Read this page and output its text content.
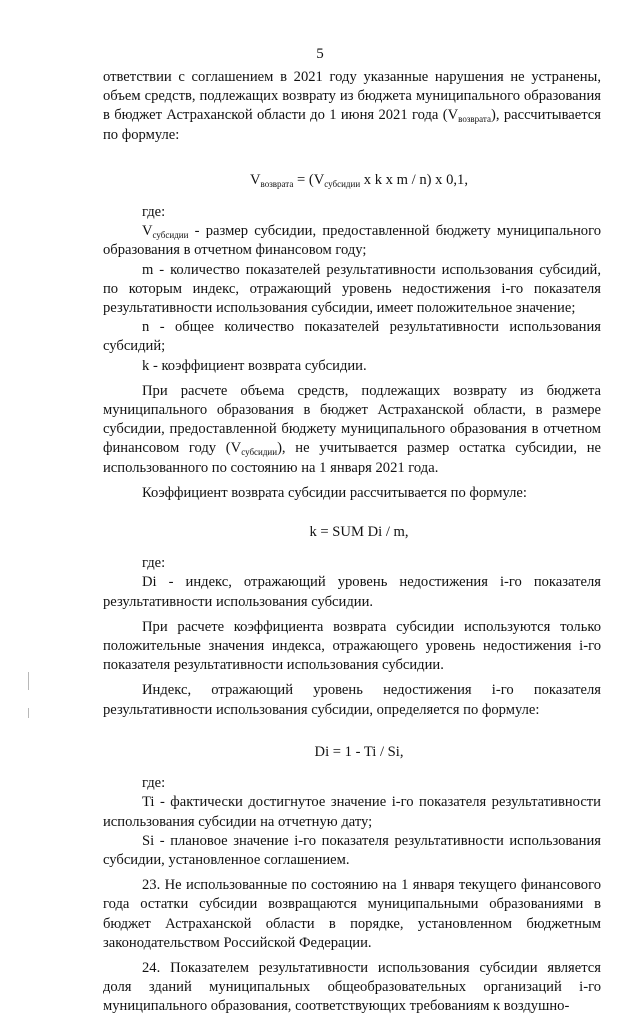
5

ответствии с соглашением в 2021 году указанные нарушения не устранены, объем средств, подлежащих возврату из бюджета муниципального образования в бюджет Астраханской области до 1 июня 2021 года $(V_{возврата})$, рассчитывается по формуле:

$V_{возврата} = (V_{субсидии}$ x k x m / n) x 0,1,

где:

$V_{субсидии}$ - размер субсидии, предоставленной бюджету муниципального образования в отчетном финансовом году;

m - количество показателей результативности использования субсидий, по которым индекс, отражающий уровень недостижения i-го показателя результативности использования субсидии, имеет положительное значение;

n - общее количество показателей результативности использования субсидий;

k - коэффициент возврата субсидии.

При расчете объема средств, подлежащих возврату из бюджета муниципального образования в бюджет Астраханской области, в размере субсидии, предоставленной бюджету муниципального образования в отчетном финансовом году $(V_{субсидии})$, не учитывается размер остатка субсидии, не использованного по состоянию на 1 января 2021 года.

Коэффициент возврата субсидии рассчитывается по формуле:

k = SUM Di / m,

где:

Di - индекс, отражающий уровень недостижения i-го показателя результативности использования субсидии.

При расчете коэффициента возврата субсидии используются только положительные значения индекса, отражающего уровень недостижения i-го показателя результативности использования субсидии.

Индекс, отражающий уровень недостижения i-го показателя результативности использования субсидии, определяется по формуле:

Di = 1 - Ti / Si,

где:

Ti - фактически достигнутое значение i-го показателя результативности использования субсидии на отчетную дату;

Si - плановое значение i-го показателя результативности использования субсидии, установленное соглашением.

23. Не использованные по состоянию на 1 января текущего финансового года остатки субсидии возвращаются муниципальными образованиями в бюджет Астраханской области в порядке, установленном бюджетным законодательством Российской Федерации.

24. Показателем результативности использования субсидии является доля зданий муниципальных общеобразовательных организаций i-го муниципального образования, соответствующих требованиям к воздушно-
